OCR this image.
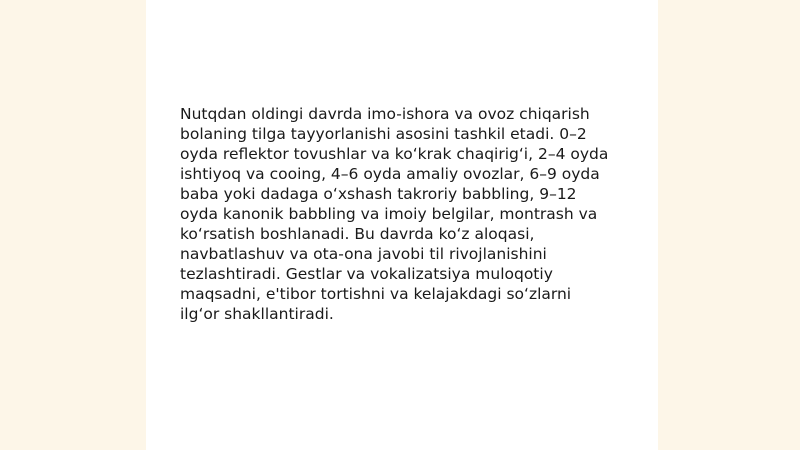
Nutqdan oldingi davrda imo-ishora va ovoz chiqarish
bolaning tilga tayyorlanishi asosini tashkil etadi. 0–2
oyda reflektor tovushlar va koʻkrak chaqirigʻi, 2–4 oyda
ishtiyoq va cooing, 4–6 oyda amaliy ovozlar, 6–9 oyda
baba yoki dadaga oʻxshash takroriy babbling, 9–12
oyda kanonik babbling va imoiy belgilar, montrash va
koʻrsatish boshlanadi. Bu davrda koʻz aloqasi,
navbatlashuv va ota-ona javobi til rivojlanishini
tezlashtiradi. Gestlar va vokalizatsiya muloqotiy
maqsadni, e'tibor tortishni va kelajakdagi soʻzlarni
ilgʻor shakllantiradi.
